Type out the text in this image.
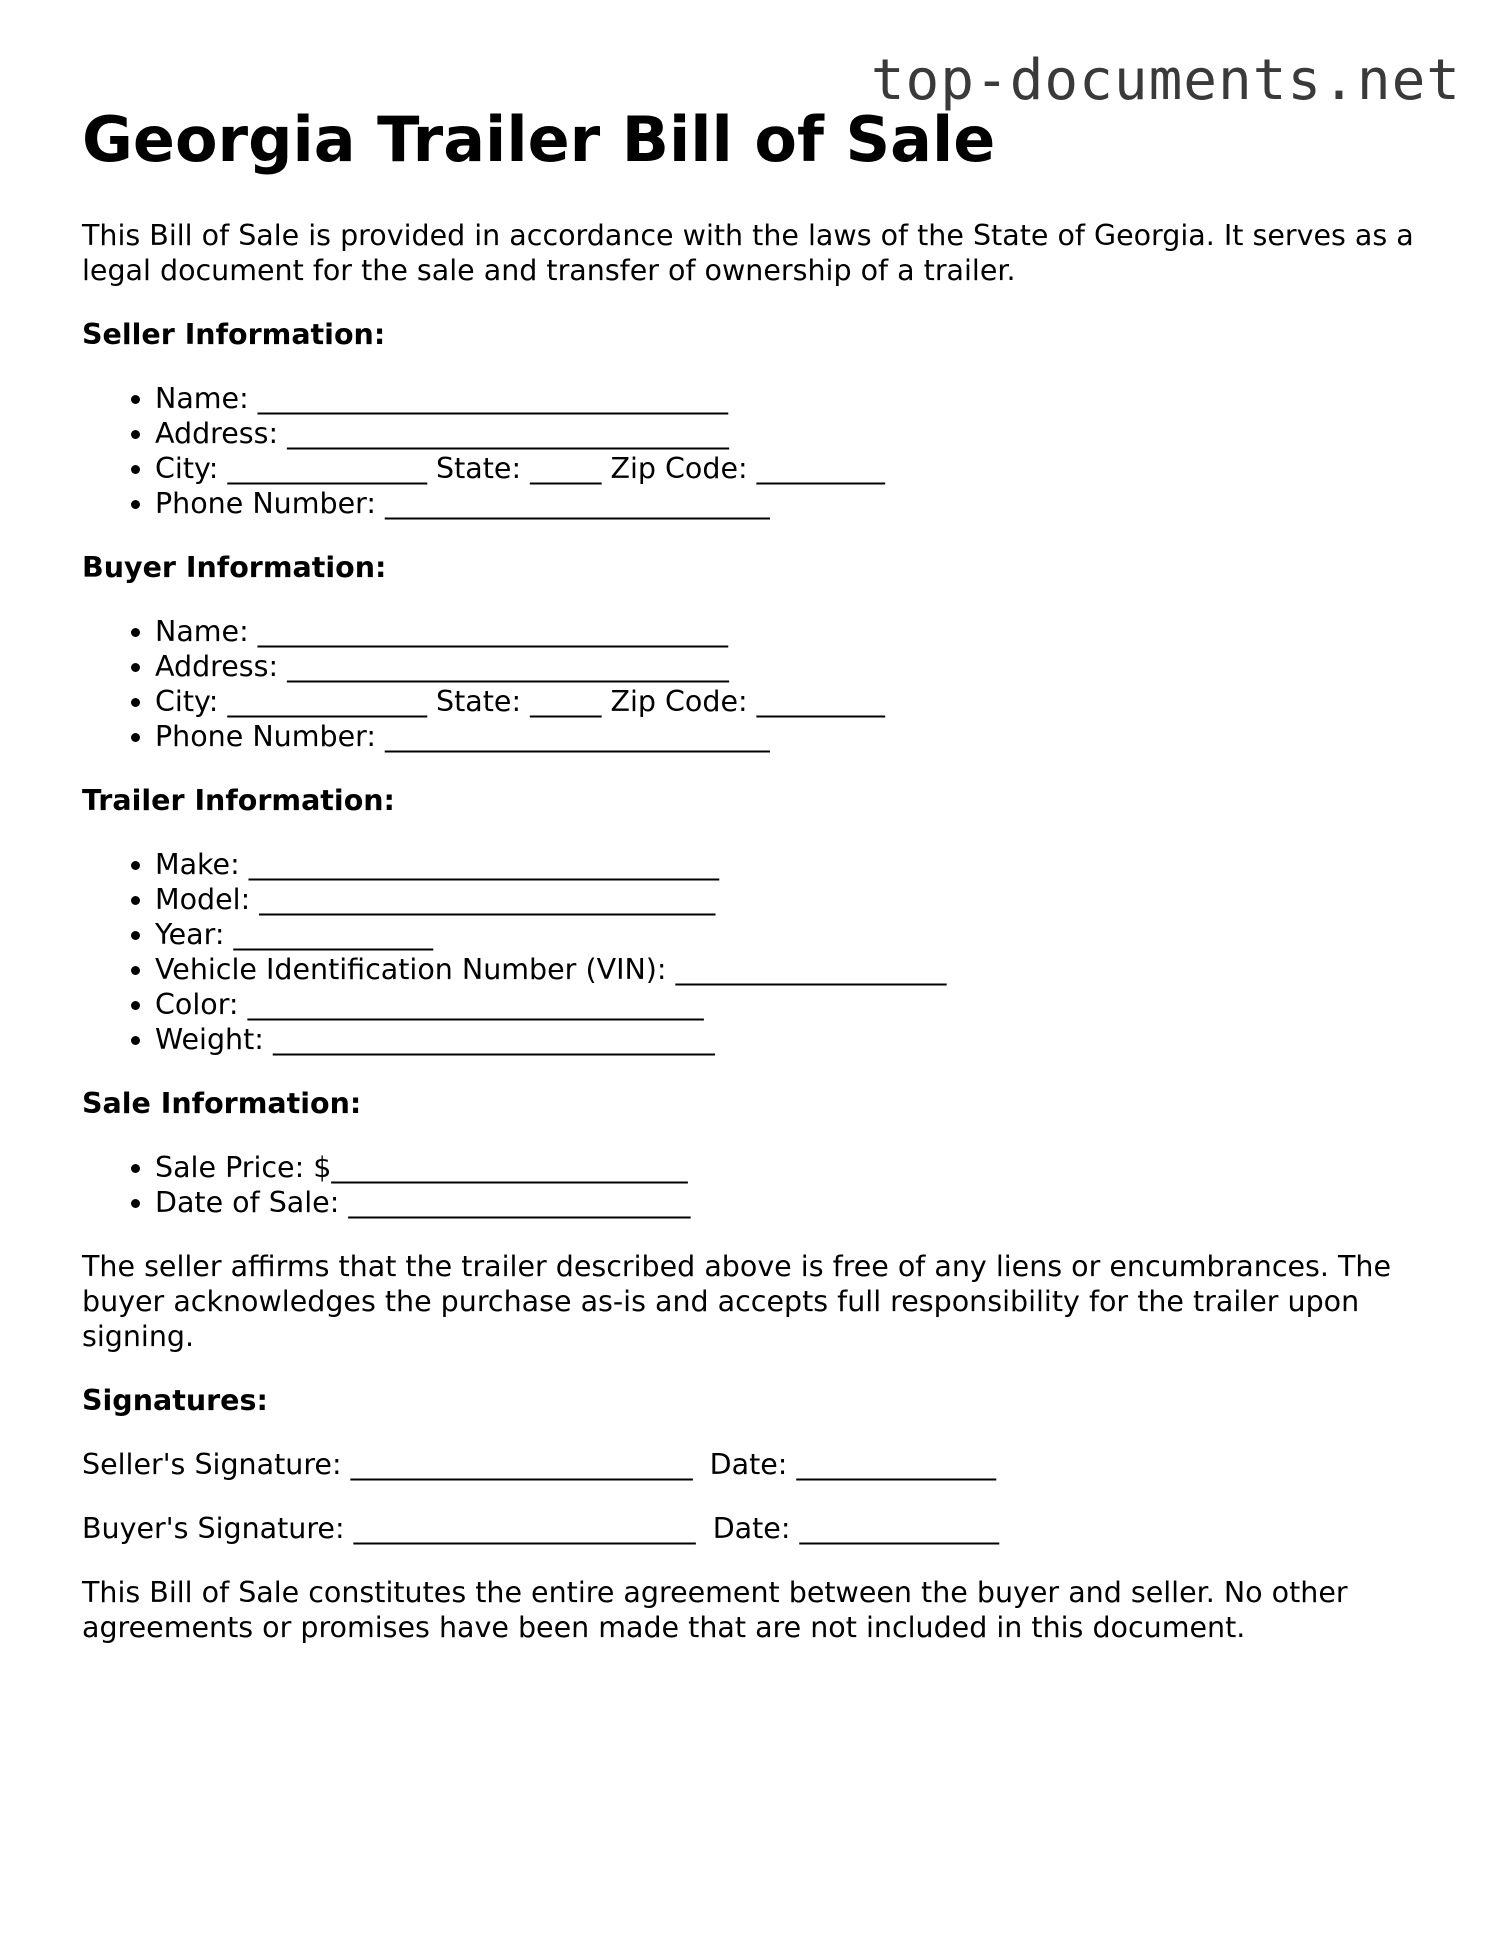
top-documents.net
Georgia Trailer Bill of Sale

This Bill of Sale is provided in accordance with the laws of the State of Georgia. It serves as a legal document for the sale and transfer of ownership of a trailer.

Seller Information:
• Name: _________________________________
• Address: _______________________________
• City: ______________ State: _____ Zip Code: _________
• Phone Number: ___________________________
Buyer Information:
• Name: _________________________________
• Address: _______________________________
• City: ______________ State: _____ Zip Code: _________
• Phone Number: ___________________________
Trailer Information:
• Make: _________________________________
• Model: ________________________________
• Year: ______________
• Vehicle Identification Number (VIN): ___________________
• Color: ________________________________
• Weight: _______________________________
Sale Information:
• Sale Price: $_________________________
• Date of Sale: ________________________

The seller affirms that the trailer described above is free of any liens or encumbrances. The buyer acknowledges the purchase as-is and accepts full responsibility for the trailer upon signing.

Signatures:
Seller's Signature: ________________________ Date: ______________
Buyer's Signature: ________________________ Date: ______________

This Bill of Sale constitutes the entire agreement between the buyer and seller. No other agreements or promises have been made that are not included in this document.
